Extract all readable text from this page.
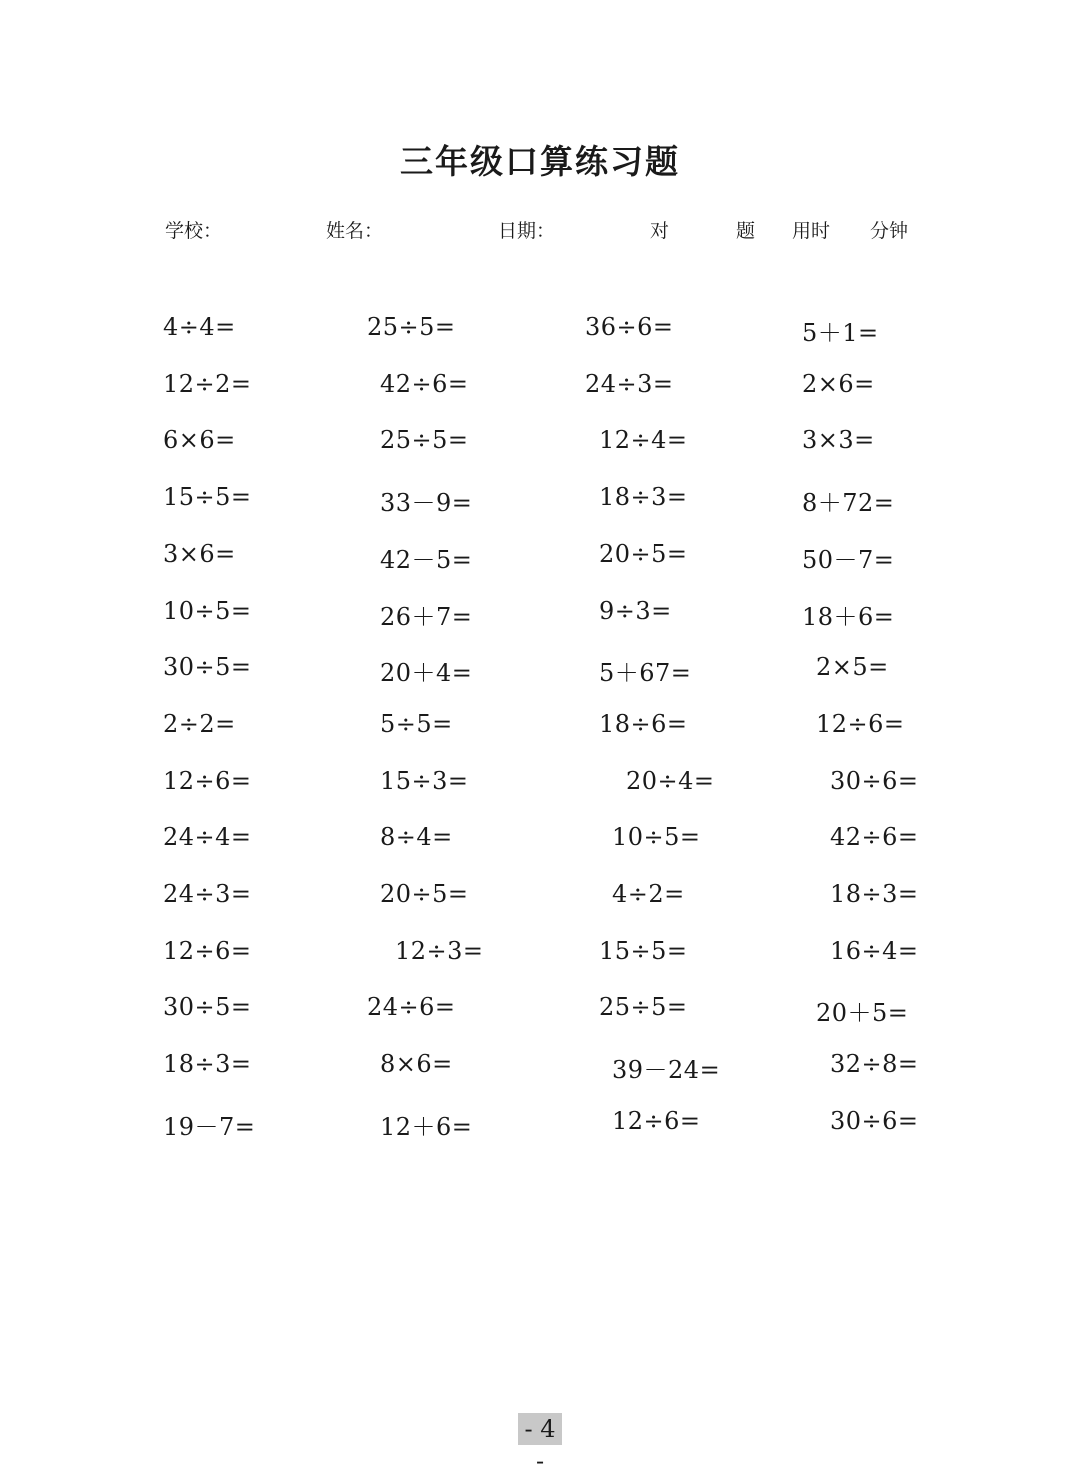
三年级口算练习题
学校：	姓名：	日期：	对	题 用时 分钟
4÷4=	25÷5=	36÷6=	5＋1=
12÷2=	42÷6=	24÷3=	2×6=
6×6=	25÷5=	12÷4=	3×3=
15÷5=	33－9=	18÷3=	8＋72=
3×6=	42－5=	20÷5=	50－7=
10÷5=	26＋7=	9÷3=	18＋6=
30÷5=	20＋4=	5＋67=	2×5=
2÷2=	5÷5=	18÷6=	12÷6=
12÷6=	15÷3=	20÷4=	30÷6=
24÷4=	8÷4=	10÷5=	42÷6=
24÷3=	20÷5=	4÷2=	18÷3=
12÷6=	12÷3=	15÷5=	16÷4=
30÷5=	24÷6=	25÷5=	20＋5=
18÷3=	8×6=	39－24=	32÷8=
19－7=	12＋6=	12÷6=	30÷6=
- 4 -
